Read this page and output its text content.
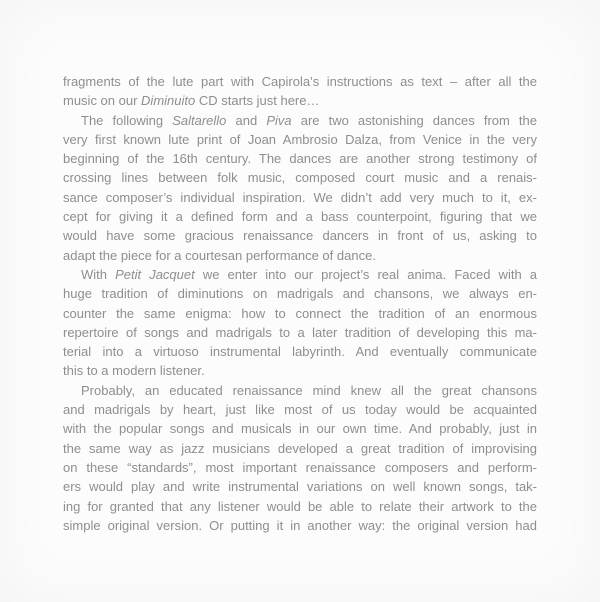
fragments of the lute part with Capirola’s instructions as text – after all the
music on our Diminuito CD starts just here…
The following Saltarello and Piva are two astonishing dances from the
very first known lute print of Joan Ambrosio Dalza, from Venice in the very
beginning of the 16th century. The dances are another strong testimony of
crossing lines between folk music, composed court music and a renais-
sance composer’s individual inspiration. We didn’t add very much to it, ex-
cept for giving it a defined form and a bass counterpoint, figuring that we
would have some gracious renaissance dancers in front of us, asking to
adapt the piece for a courtesan performance of dance.
With Petit Jacquet we enter into our project’s real anima. Faced with a
huge tradition of diminutions on madrigals and chansons, we always en-
counter the same enigma: how to connect the tradition of an enormous
repertoire of songs and madrigals to a later tradition of developing this ma-
terial into a virtuoso instrumental labyrinth. And eventually communicate
this to a modern listener.
Probably, an educated renaissance mind knew all the great chansons
and madrigals by heart, just like most of us today would be acquainted
with the popular songs and musicals in our own time. And probably, just in
the same way as jazz musicians developed a great tradition of improvising
on these “standards”, most important renaissance composers and perform-
ers would play and write instrumental variations on well known songs, tak-
ing for granted that any listener would be able to relate their artwork to the
simple original version. Or putting it in another way: the original version had
